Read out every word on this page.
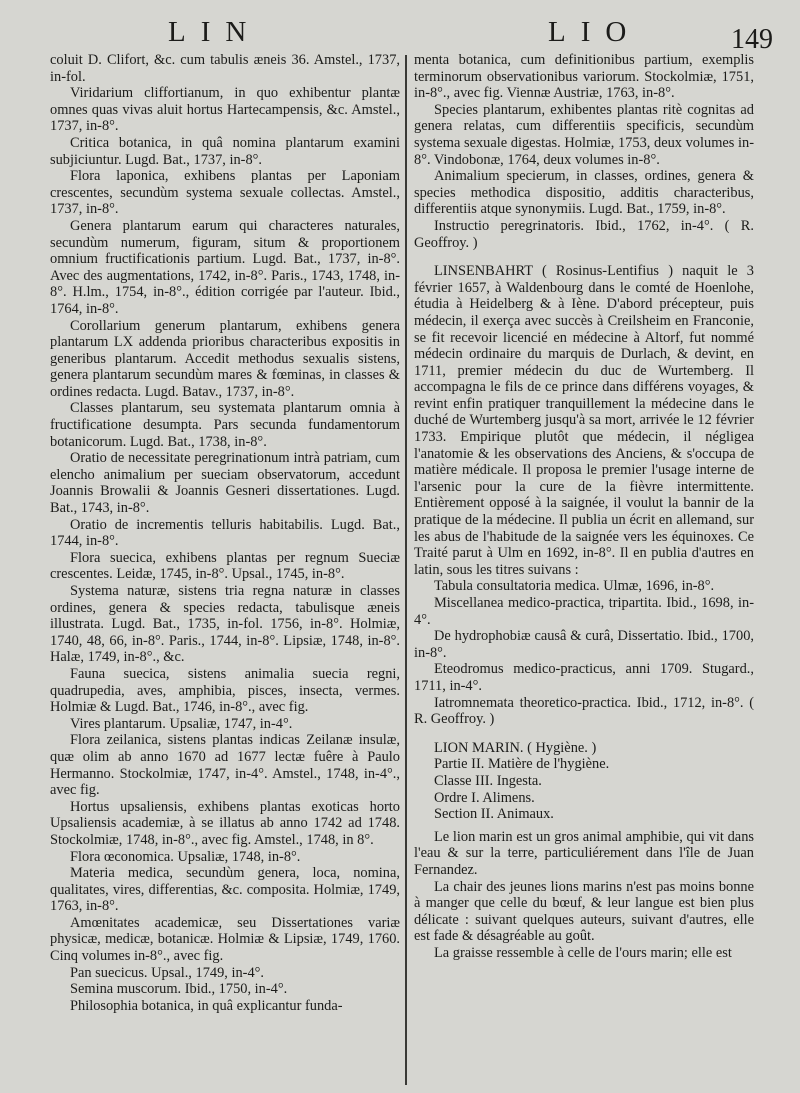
LIN	LIO	149

coluit D. Clifort, &c. cum tabulis æneis 36. Amstel., 1737, in-fol.

Viridarium cliffortianum, in quo exhibentur plantæ omnes quas vivas aluit hortus Hartecampensis, &c. Amstel., 1737, in-8°.

Critica botanica, in quâ nomina plantarum examini subjiciuntur. Lugd. Bat., 1737, in-8°.

Flora laponica, exhibens plantas per Laponiam crescentes, secundùm systema sexuale collectas. Amstel., 1737, in-8°.

Genera plantarum earum qui characteres naturales, secundùm numerum, figuram, situm & proportionem omnium fructificationis partium. Lugd. Bat., 1737, in-8°. Avec des augmentations, 1742, in-8°. Paris., 1743, 1748, in-8°. H.lm., 1754, in-8°., édition corrigée par l'auteur. Ibid., 1764, in-8°.

Corollarium generum plantarum, exhibens genera plantarum LX addenda prioribus characteribus expositis in generibus plantarum. Accedit methodus sexualis sistens, genera plantarum secundùm mares & fœminas, in classes & ordines redacta. Lugd. Batav., 1737, in-8°.

Classes plantarum, seu systemata plantarum omnia à fructificatione desumpta. Pars secunda fundamentorum botanicorum. Lugd. Bat., 1738, in-8°.

Oratio de necessitate peregrinationum intrà patriam, cum elencho animalium per sueciam observatorum, accedunt Joannis Browalii & Joannis Gesneri dissertationes. Lugd. Bat., 1743, in-8°.

Oratio de incrementis telluris habitabilis. Lugd. Bat., 1744, in-8°.

Flora suecica, exhibens plantas per regnum Sueciæ crescentes. Leidæ, 1745, in-8°. Upsal., 1745, in-8°.

Systema naturæ, sistens tria regna naturæ in classes ordines, genera & species redacta, tabulisque æneis illustrata. Lugd. Bat., 1735, in-fol. 1756, in-8°. Holmiæ, 1740, 48, 66, in-8°. Paris., 1744, in-8°. Lipsiæ, 1748, in-8°. Halæ, 1749, in-8°., &c.

Fauna suecica, sistens animalia suecia regni, quadrupedia, aves, amphibia, pisces, insecta, vermes. Holmiæ & Lugd. Bat., 1746, in-8°., avec fig.

Vires plantarum. Upsaliæ, 1747, in-4°.

Flora zeilanica, sistens plantas indicas Zeilanæ insulæ, quæ olim ab anno 1670 ad 1677 lectæ fuêre à Paulo Hermanno. Stockolmiæ, 1747, in-4°. Amstel., 1748, in-4°., avec fig.

Hortus upsaliensis, exhibens plantas exoticas horto Upsaliensis academiæ, à se illatus ab anno 1742 ad 1748. Stockolmiæ, 1748, in-8°., avec fig. Amstel., 1748, in 8°.

Flora œconomica. Upsaliæ, 1748, in-8°.

Materia medica, secundùm genera, loca, nomina, qualitates, vires, differentias, &c. composita. Holmiæ, 1749, 1763, in-8°.

Amœnitates academicæ, seu Dissertationes variæ physicæ, medicæ, botanicæ. Holmiæ & Lipsiæ, 1749, 1760. Cinq volumes in-8°., avec fig.

Pan suecicus. Upsal., 1749, in-4°.

Semina muscorum. Ibid., 1750, in-4°.

Philosophia botanica, in quâ explicantur funda-

menta botanica, cum definitionibus partium, exemplis terminorum observationibus variorum. Stockolmiæ, 1751, in-8°., avec fig. Viennæ Austriæ, 1763, in-8°.

Species plantarum, exhibentes plantas ritè cognitas ad genera relatas, cum differentiis specificis, secundùm systema sexuale digestas. Holmiæ, 1753, deux volumes in-8°. Vindobonæ, 1764, deux volumes in-8°.

Animalium specierum, in classes, ordines, genera & species methodica dispositio, additis characteribus, differentiis atque synonymiis. Lugd. Bat., 1759, in-8°.

Instructio peregrinatoris. Ibid., 1762, in-4°. ( R. Geoffroy. )

LINSENBAHRT ( Rosinus-Lentifius ) naquit le 3 février 1657, à Waldenbourg dans le comté de Hoenlohe, étudia à Heidelberg & à Iène. D'abord précepteur, puis médecin, il exerça avec succès à Creilsheim en Franconie, se fit recevoir licencié en médecine à Altorf, fut nommé médecin ordinaire du marquis de Durlach, & devint, en 1711, premier médecin du duc de Wurtemberg. Il accompagna le fils de ce prince dans différens voyages, & revint enfin pratiquer tranquillement la médecine dans le duché de Wurtemberg jusqu'à sa mort, arrivée le 12 février 1733. Empirique plutôt que médecin, il négligea l'anatomie & les observations des Anciens, & s'occupa de matière médicale. Il proposa le premier l'usage interne de l'arsenic pour la cure de la fièvre intermittente. Entièrement opposé à la saignée, il voulut la bannir de la pratique de la médecine. Il publia un écrit en allemand, sur les abus de l'habitude de la saignée vers les équinoxes. Ce Traité parut à Ulm en 1692, in-8°. Il en publia d'autres en latin, sous les titres suivans :

Tabula consultatoria medica. Ulmæ, 1696, in-8°.

Miscellanea medico-practica, tripartita. Ibid., 1698, in-4°.

De hydrophobiæ causâ & curâ, Dissertatio. Ibid., 1700, in-8°.

Eteodromus medico-practicus, anni 1709. Stugard., 1711, in-4°.

Iatromnemata theoretico-practica. Ibid., 1712, in-8°. ( R. Geoffroy. )

LION MARIN. ( Hygiène. )

Partie II. Matière de l'hygiène.

Classe III. Ingesta.

Ordre I. Alimens.

Section II. Animaux.

Le lion marin est un gros animal amphibie, qui vit dans l'eau & sur la terre, particuliérement dans l'île de Juan Fernandez.

La chair des jeunes lions marins n'est pas moins bonne à manger que celle du bœuf, & leur langue est bien plus délicate : suivant quelques auteurs, suivant d'autres, elle est fade & désagréable au goût.

La graisse ressemble à celle de l'ours marin; elle est
